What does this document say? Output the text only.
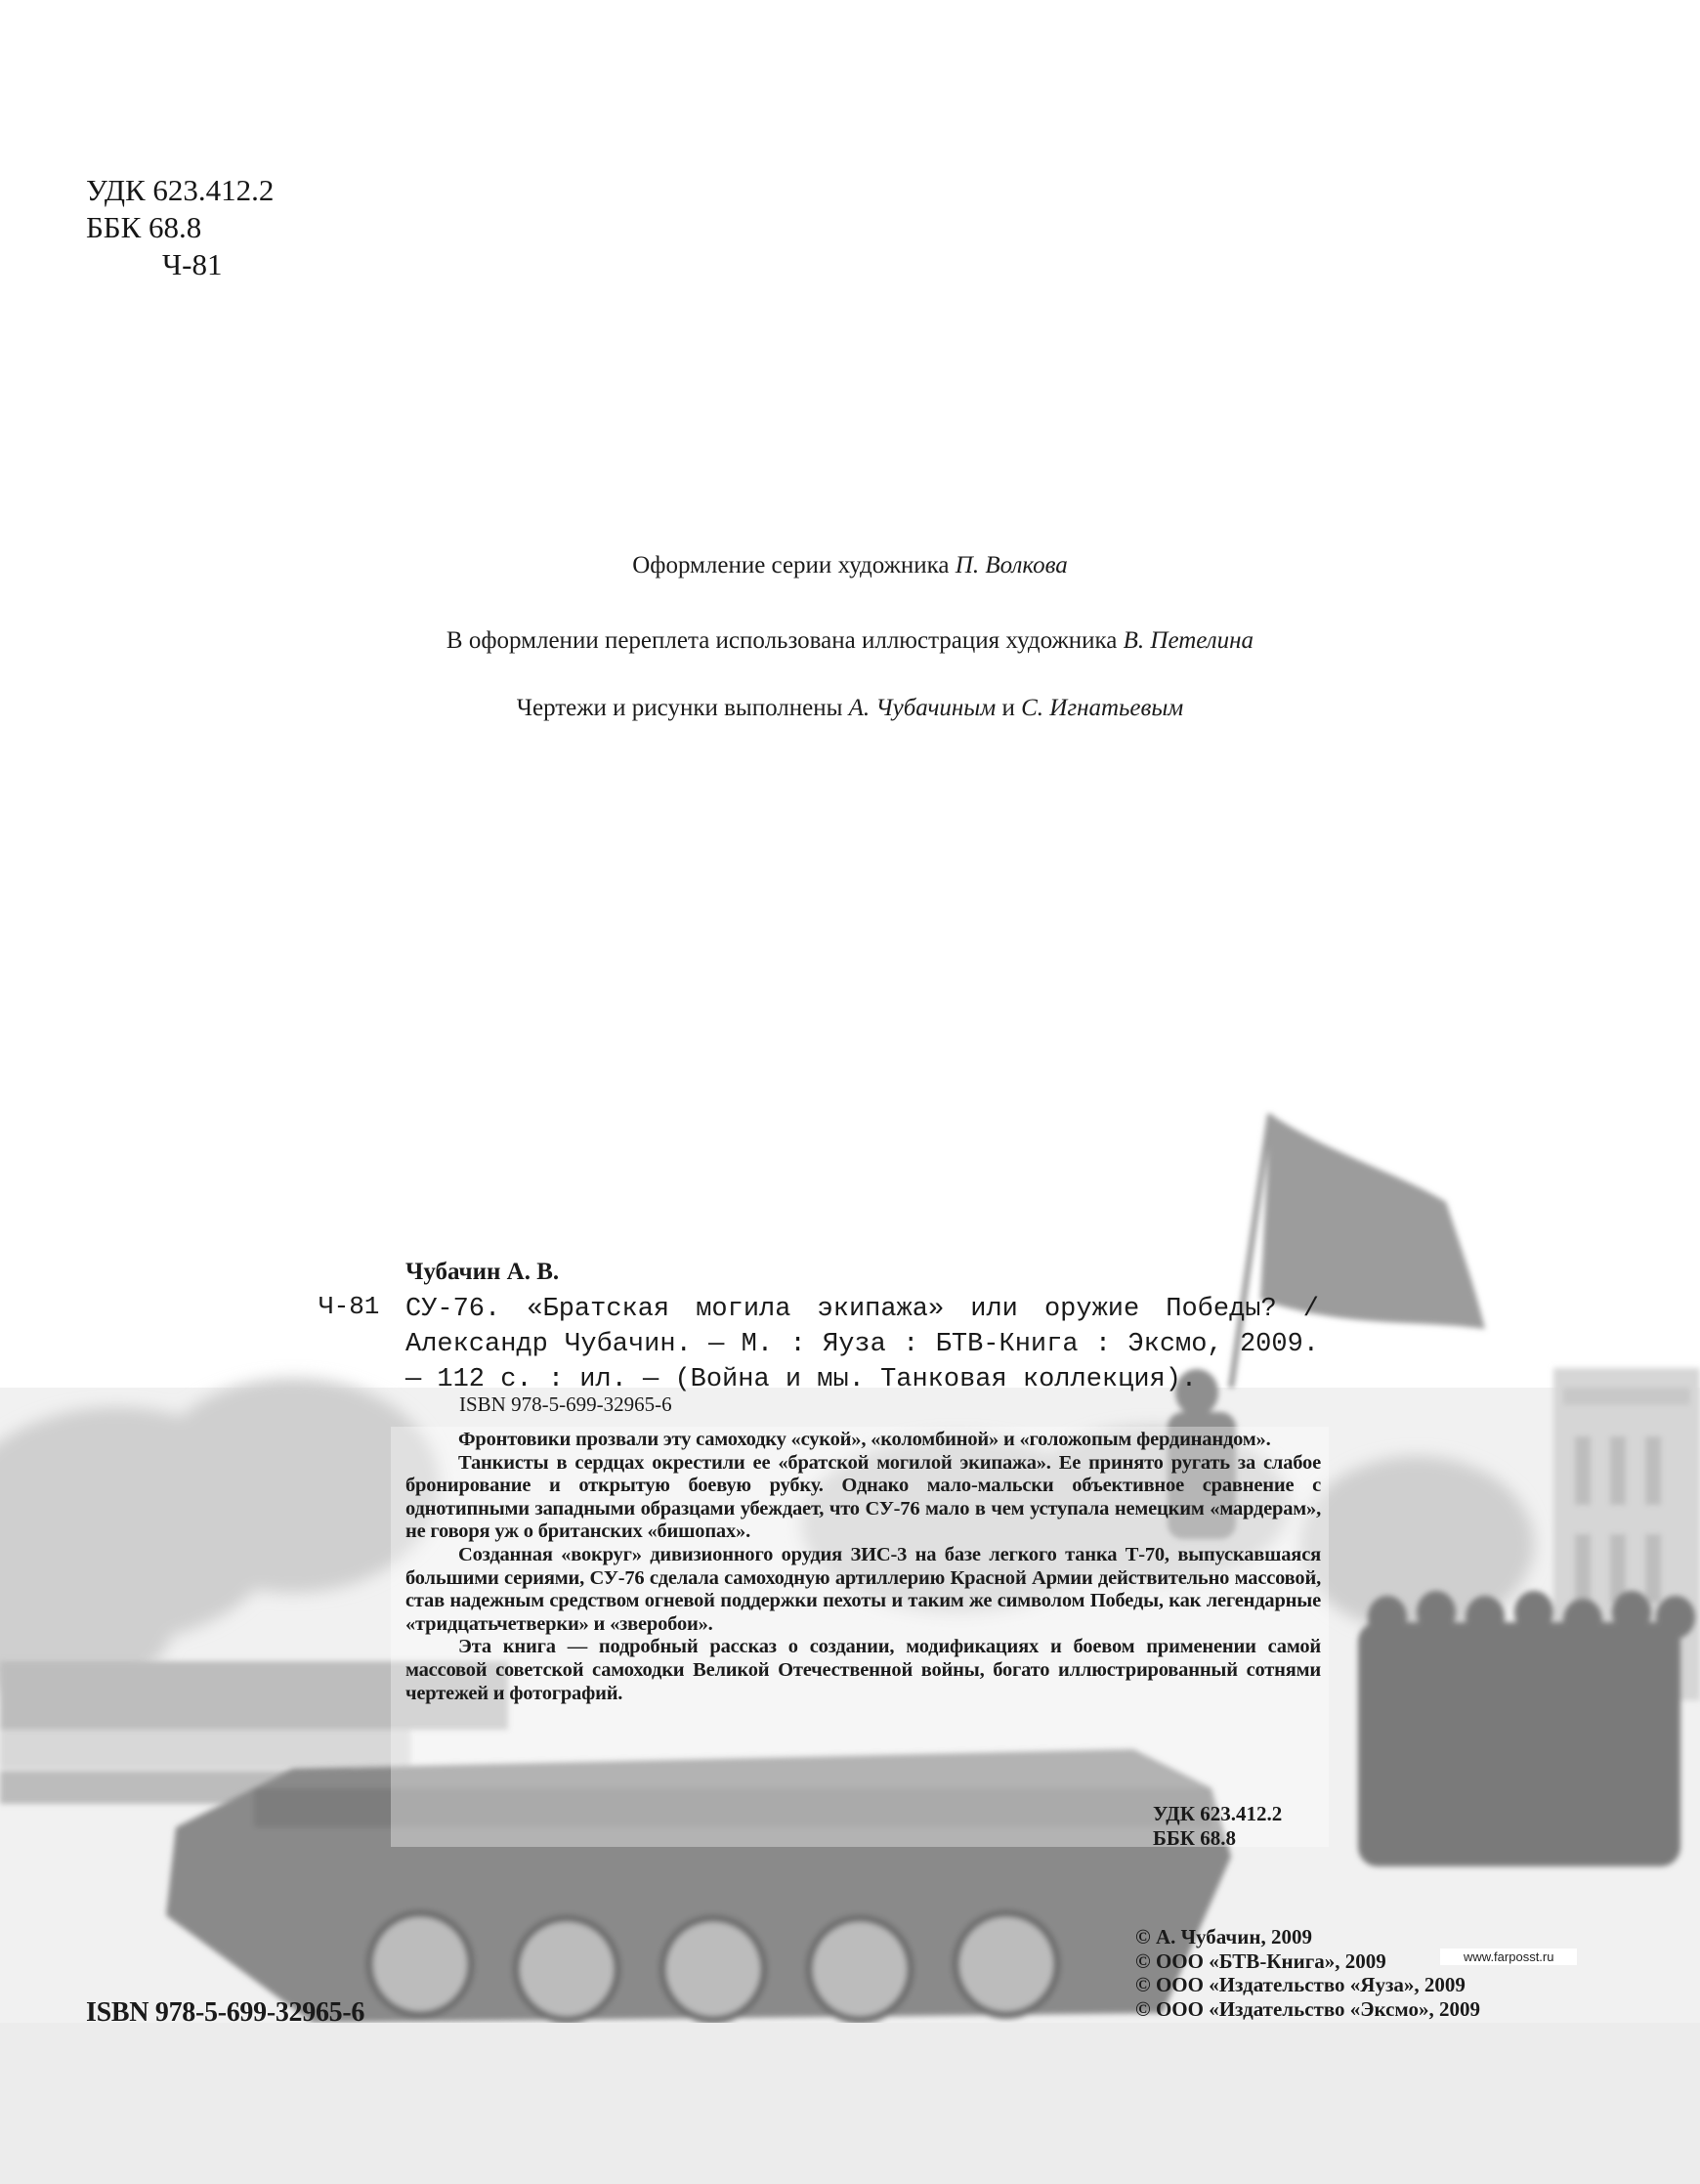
УДК 623.412.2
ББК 68.8
Ч-81
Оформление серии художника П. Волкова
В оформлении переплета использована иллюстрация художника В. Петелина
Чертежи и рисунки выполнены А. Чубачиным и С. Игнатьевым
Чубачин А. В.
Ч-81 СУ-76. «Братская могила экипажа» или оружие Победы? / Александр Чубачин. — М. : Яуза : БТВ-Книга : Эксмо, 2009. — 112 с. : ил. — (Война и мы. Танковая коллекция).
ISBN 978-5-699-32965-6

Фронтовики прозвали эту самоходку «сукой», «коломбиной» и «голожопым фердинандом».

Танкисты в сердцах окрестили ее «братской могилой экипажа». Ее принято ругать за слабое бронирование и открытую боевую рубку. Однако мало-мальски объективное сравнение с однотипными западными образцами убеждает, что СУ-76 мало в чем уступала немецким «мардерам», не говоря уж о британских «бишопах».

Созданная «вокруг» дивизионного орудия ЗИС-3 на базе легкого танка Т-70, выпускавшаяся большими сериями, СУ-76 сделала самоходную артиллерию Красной Армии действительно массовой, став надежным средством огневой поддержки пехоты и таким же символом Победы, как легендарные «тридцатьчетверки» и «зверобои».

Эта книга — подробный рассказ о создании, модификациях и боевом применении самой массовой советской самоходки Великой Отечественной войны, богато иллюстрированный сотнями чертежей и фотографий.

УДК 623.412.2
ББК 68.8
© А. Чубачин, 2009
© ООО «БТВ-Книга», 2009
© ООО «Издательство «Яуза», 2009
© ООО «Издательство «Эксмо», 2009
www.farposst.ru
ISBN 978-5-699-32965-6
